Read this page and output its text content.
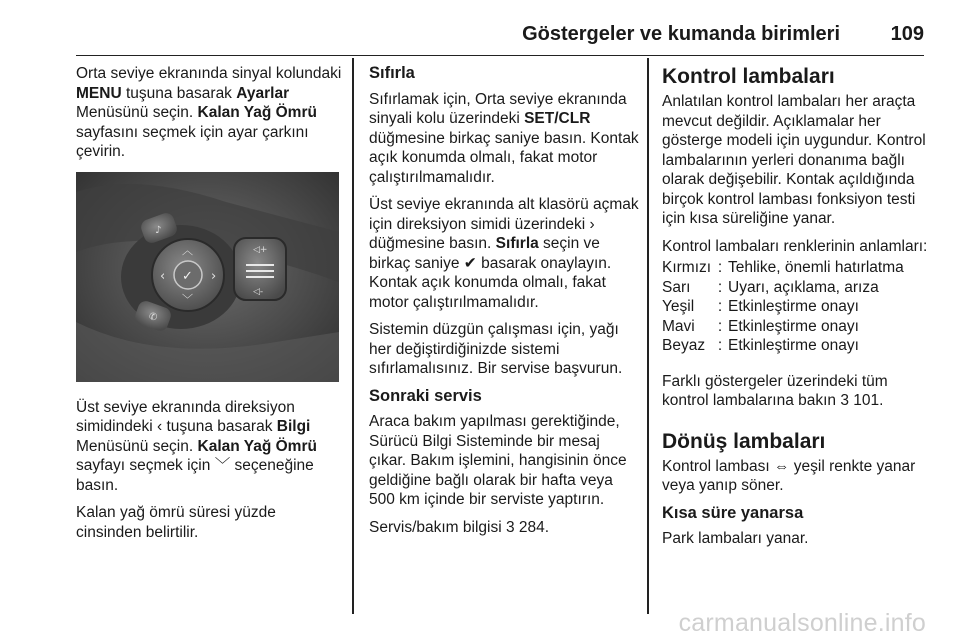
Göstergeler ve kumanda birimleri	109

Orta seviye ekranında sinyal kolundaki MENU tuşuna basarak Ayarlar Menüsünü seçin. Kalan Yağ Ömrü sayfasını seçmek için ayar çarkını çevirin.

♪
✆
✓
︿
﹀
‹	›
◁+
◁-

Üst seviye ekranında direksiyon simidindeki ‹ tuşuna basarak Bilgi Menüsünü seçin. Kalan Yağ Ömrü sayfayı seçmek için ﹀ seçeneğine basın.

Kalan yağ ömrü süresi yüzde cinsinden belirtilir.

Sıfırla

Sıfırlamak için, Orta seviye ekranında sinyali kolu üzerindeki SET/CLR düğmesine birkaç saniye basın. Kontak açık konumda olmalı, fakat motor çalıştırılmamalıdır.

Üst seviye ekranında alt klasörü açmak için direksiyon simidi üzerindeki › düğmesine basın. Sıfırla seçin ve birkaç saniye ✔ basarak onaylayın. Kontak açık konumda olmalı, fakat motor çalıştırılmamalıdır.

Sistemin düzgün çalışması için, yağı her değiştirdiğinizde sistemi sıfırlamalısınız. Bir servise başvurun.

Sonraki servis

Araca bakım yapılması gerektiğinde, Sürücü Bilgi Sisteminde bir mesaj çıkar. Bakım işlemini, hangisinin önce geldiğine bağlı olarak bir hafta veya 500 km içinde bir serviste yaptırın.

Servis/bakım bilgisi 3 284.

Kontrol lambaları

Anlatılan kontrol lambaları her araçta mevcut değildir. Açıklamalar her gösterge modeli için uygundur. Kontrol lambalarının yerleri donanıma bağlı olarak değişebilir. Kontak açıldığında birçok kontrol lambası fonksiyon testi için kısa süreliğine yanar.

Kontrol lambaları renklerinin anlamları:

Kırmızı	:	Tehlike, önemli hatırlatma
Sarı	:	Uyarı, açıklama, arıza
Yeşil	:	Etkinleştirme onayı
Mavi	:	Etkinleştirme onayı
Beyaz	:	Etkinleştirme onayı

Farklı göstergeler üzerindeki tüm kontrol lambalarına bakın 3 101.

Dönüş lambaları

Kontrol lambası ⇔ yeşil renkte yanar veya yanıp söner.

Kısa süre yanarsa

Park lambaları yanar.

carmanualsonline.info
